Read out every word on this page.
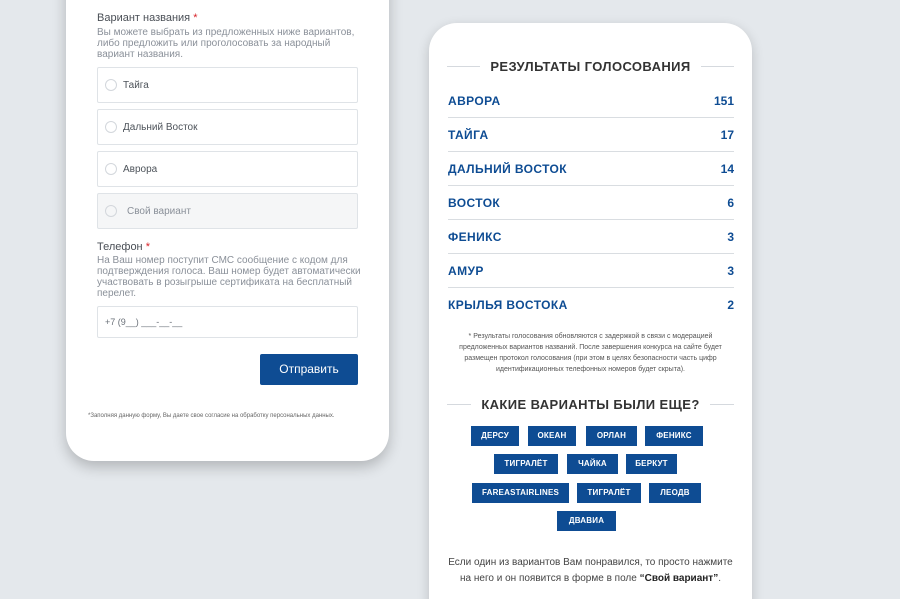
Вариант названия *
Вы можете выбрать из предложенных ниже вариантов, либо предложить или проголосовать за народный вариант названия.
Тайга
Дальний Восток
Аврора
Свой вариант
Телефон *
На Ваш номер поступит СМС сообщение с кодом для подтверждения голоса. Ваш номер будет автоматически участвовать в розыгрыше сертификата на бесплатный перелет.
+7 (9__) ___-__-__
Отправить
*Заполняя данную форму, Вы даете свое согласие на обработку персональных данных.
РЕЗУЛЬТАТЫ ГОЛОСОВАНИЯ
АВРОРА	151
ТАЙГА	17
ДАЛЬНИЙ ВОСТОК	14
ВОСТОК	6
ФЕНИКС	3
АМУР	3
КРЫЛЬЯ ВОСТОКА	2
* Результаты голосования обновляются с задержкой в связи с модерацией предложенных вариантов названий. После завершения конкурса на сайте будет размещен протокол голосования (при этом в целях безопасности часть цифр идентификационных телефонных номеров будет скрыта).
КАКИЕ ВАРИАНТЫ БЫЛИ ЕЩЕ?
ДЕРСУ	ОКЕАН	ОРЛАН	ФЕНИКС
ТИГРАЛЁТ	ЧАЙКА	БЕРКУТ
FAREASTAIRLINES	ТИГРАЛЁТ	ЛЕОДВ
ДВАВИА
Если один из вариантов Вам понравился, то просто нажмите на него и он появится в форме в поле “Свой вариант”.
